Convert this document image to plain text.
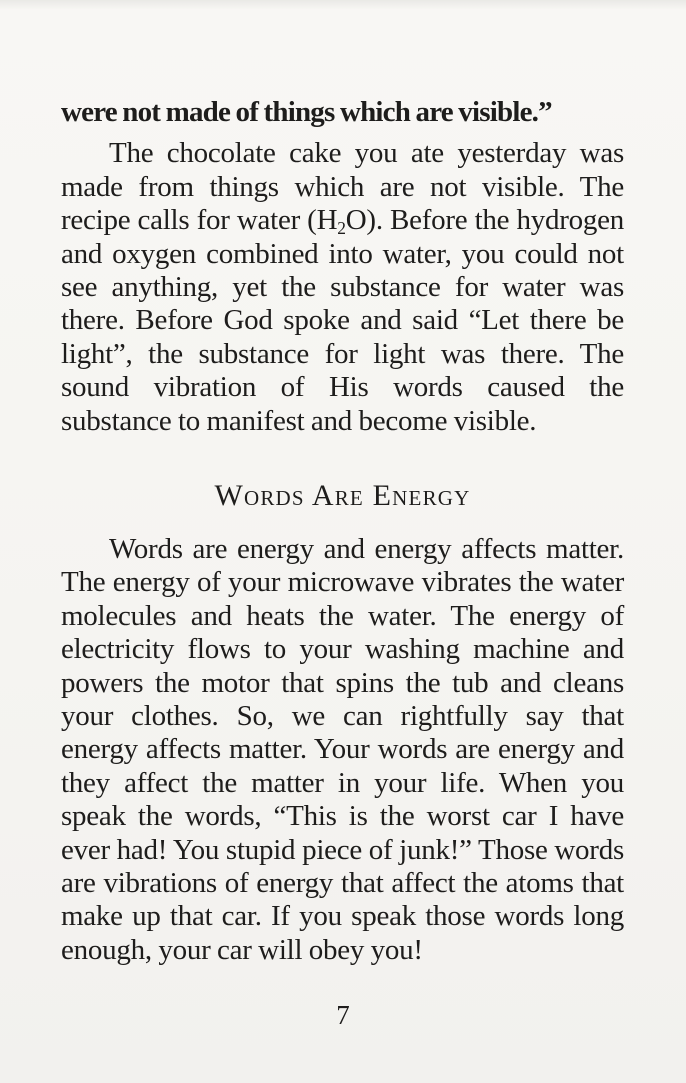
were not made of things which are visible.”

The chocolate cake you ate yesterday was made from things which are not visible. The recipe calls for water $(H_2O)$. Before the hydrogen and oxygen combined into water, you could not see anything, yet the substance for water was there. Before God spoke and said “Let there be light”, the substance for light was there. The sound vibration of His words caused the substance to manifest and become visible.

Words Are Energy

Words are energy and energy affects matter. The energy of your microwave vibrates the water molecules and heats the water. The energy of electricity flows to your washing machine and powers the motor that spins the tub and cleans your clothes. So, we can rightfully say that energy affects matter. Your words are energy and they affect the matter in your life. When you speak the words, “This is the worst car I have ever had! You stupid piece of junk!” Those words are vibrations of energy that affect the atoms that make up that car. If you speak those words long enough, your car will obey you!

7
